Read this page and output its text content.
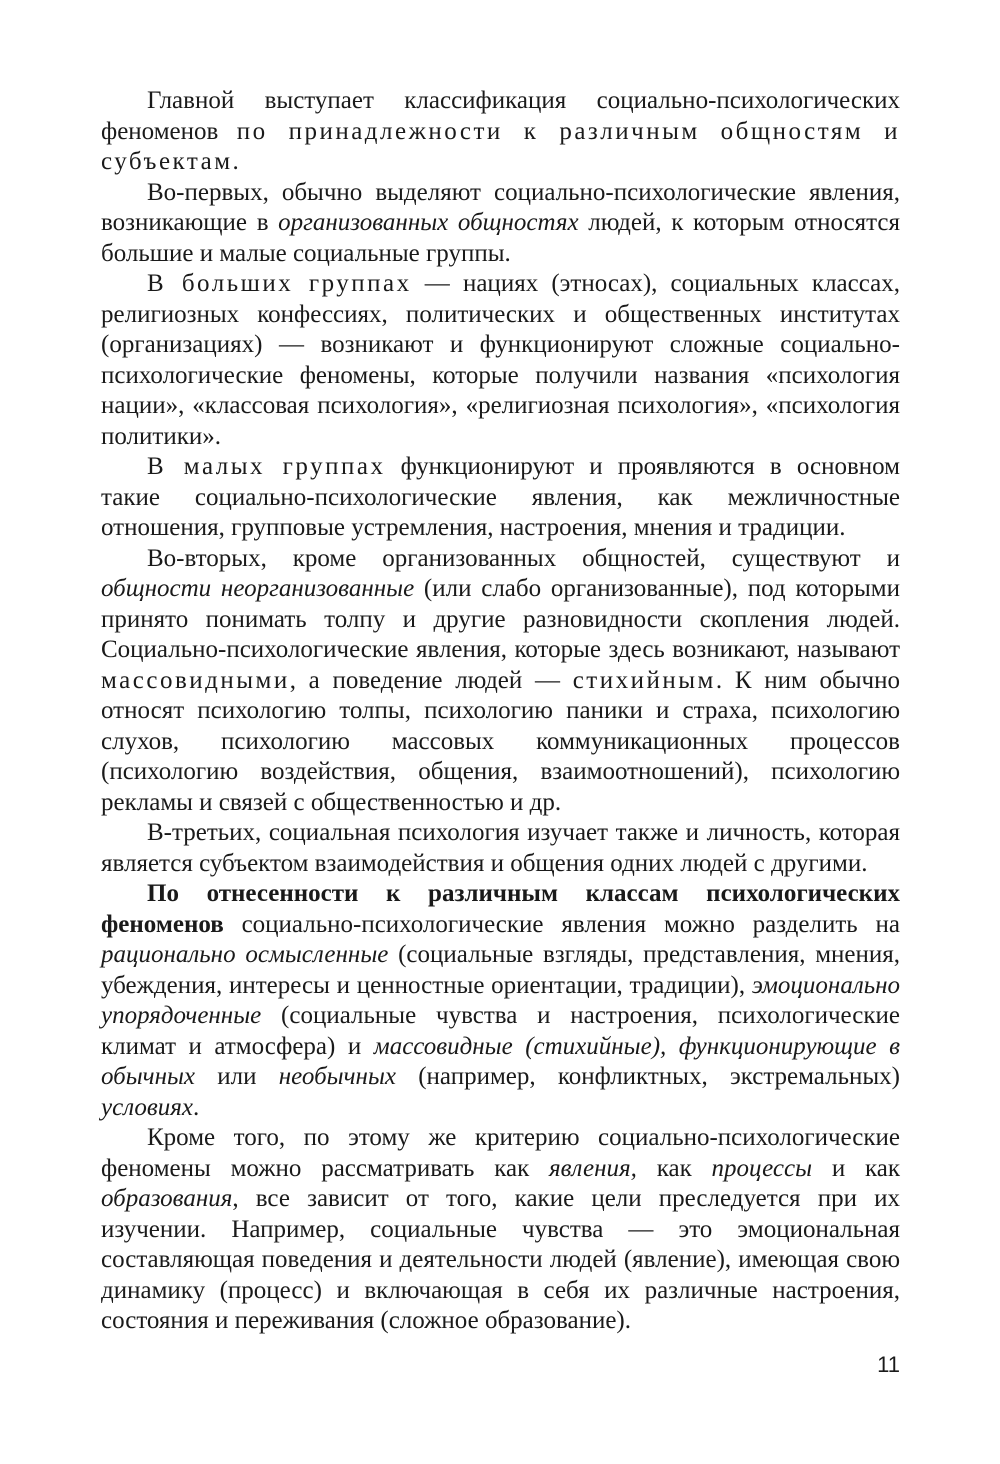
Главной выступает классификация социально-психологических феноменов по принадлежности к различным общностям и субъектам.

Во-первых, обычно выделяют социально-психологические явления, возникающие в организованных общностях людей, к которым относятся большие и малые социальные группы.

В больших группах — нациях (этносах), социальных классах, религиозных конфессиях, политических и общественных институтах (организациях) — возникают и функционируют сложные социально-психологические феномены, которые получили названия «психология нации», «классовая психология», «религиозная психология», «психология политики».

В малых группах функционируют и проявляются в основном такие социально-психологические явления, как межличностные отношения, групповые устремления, настроения, мнения и традиции.

Во-вторых, кроме организованных общностей, существуют и общности неорганизованные (или слабо организованные), под которыми принято понимать толпу и другие разновидности скопления людей. Социально-психологические явления, которые здесь возникают, называют массовидными, а поведение людей — стихийным. К ним обычно относят психологию толпы, психологию паники и страха, психологию слухов, психологию массовых коммуникационных процессов (психологию воздействия, общения, взаимоотношений), психологию рекламы и связей с общественностью и др.

В-третьих, социальная психология изучает также и личность, которая является субъектом взаимодействия и общения одних людей с другими.

По отнесенности к различным классам психологических феноменов социально-психологические явления можно разделить на рационально осмысленные (социальные взгляды, представления, мнения, убеждения, интересы и ценностные ориентации, традиции), эмоционально упорядоченные (социальные чувства и настроения, психологические климат и атмосфера) и массовидные (стихийные), функционирующие в обычных или необычных (например, конфликтных, экстремальных) условиях.

Кроме того, по этому же критерию социально-психологические феномены можно рассматривать как явления, как процессы и как образования, все зависит от того, какие цели преследуется при их изучении. Например, социальные чувства — это эмоциональная составляющая поведения и деятельности людей (явление), имеющая свою динамику (процесс) и включающая в себя их различные настроения, состояния и переживания (сложное образование).

11
